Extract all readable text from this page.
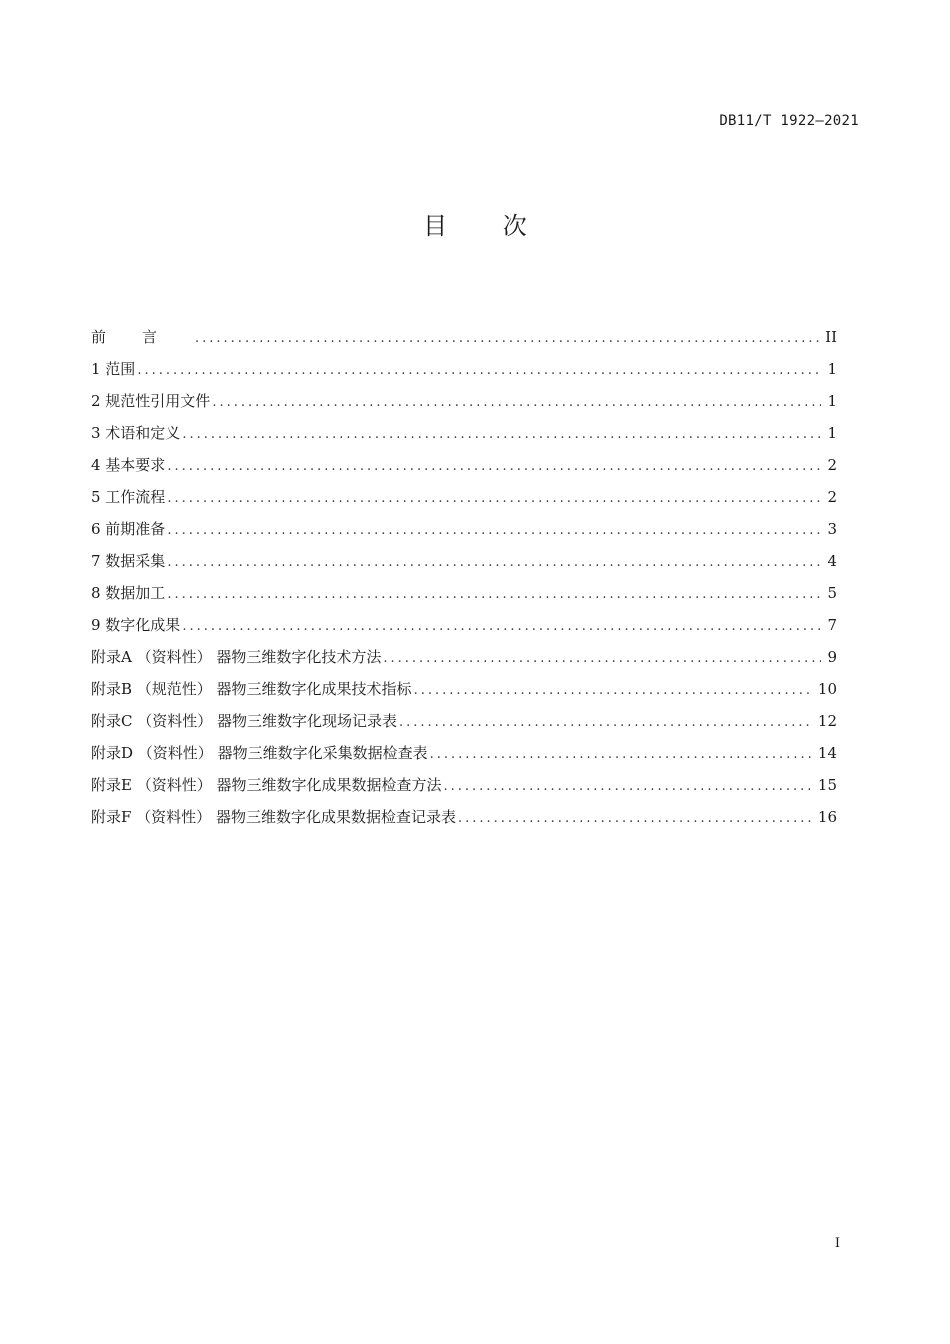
DB11/T 1922—2021
目 次
前言 .....	II
1 范围 .....	1
2 规范性引用文件 .....	1
3 术语和定义 .....	1
4 基本要求 .....	2
5 工作流程 .....	2
6 前期准备 .....	3
7 数据采集 .....	4
8 数据加工 .....	5
9 数字化成果 .....	7
附录A （资料性） 器物三维数字化技术方法 .....	9
附录B （规范性） 器物三维数字化成果技术指标 .....	10
附录C （资料性） 器物三维数字化现场记录表 .....	12
附录D （资料性） 器物三维数字化采集数据检查表 .....	14
附录E （资料性） 器物三维数字化成果数据检查方法 .....	15
附录F （资料性） 器物三维数字化成果数据检查记录表 .....	16
I
